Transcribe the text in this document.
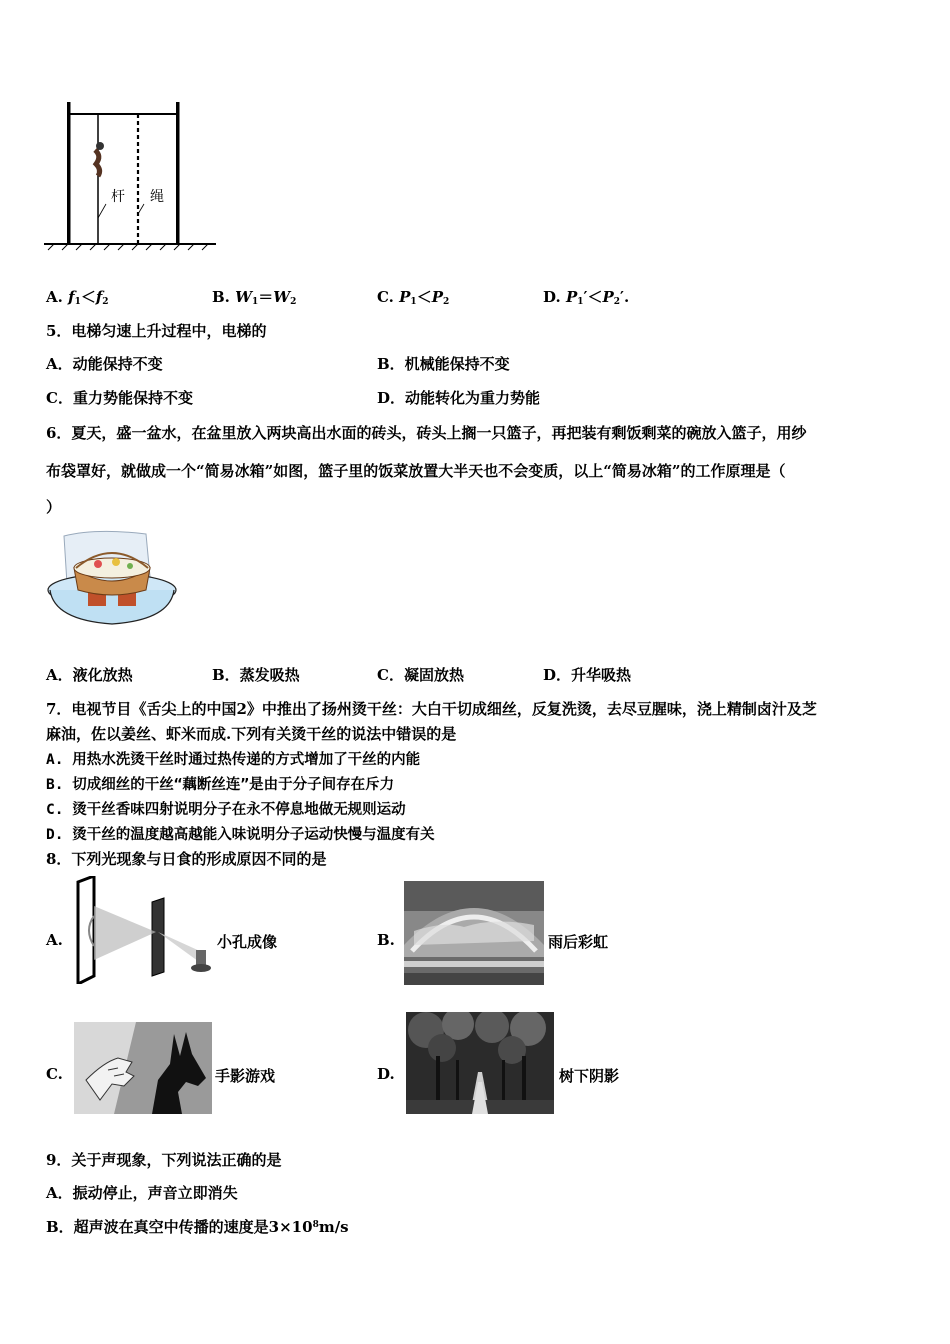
杆 绳
A. $f_1<f_2$	B. $W_1=W_2$	C. $P_1<P_2$	D. $P_1'<P_2'$.
5．电梯匀速上升过程中，电梯的
A．动能保持不变	B．机械能保持不变
C．重力势能保持不变	D．动能转化为重力势能
6．夏天，盛一盆水，在盆里放入两块高出水面的砖头，砖头上搁一只篮子，再把装有剩饭剩菜的碗放入篮子，用纱
布袋罩好，就做成一个“简易冰箱”如图，篮子里的饭菜放置大半天也不会变质，以上“简易冰箱”的工作原理是（
）
A．液化放热	B．蒸发吸热	C．凝固放热	D．升华吸热
7．电视节目《舌尖上的中国2》中推出了扬州烫干丝：大白干切成细丝，反复洗烫，去尽豆腥味，浇上精制卤汁及芝
麻油，佐以姜丝、虾米而成.下列有关烫干丝的说法中错误的是
A. 用热水洗烫干丝时通过热传递的方式增加了干丝的内能
B. 切成细丝的干丝“藕断丝连”是由于分子间存在斥力
C. 烫干丝香味四射说明分子在永不停息地做无规则运动
D. 烫干丝的温度越高越能入味说明分子运动快慢与温度有关
8．下列光现象与日食的形成原因不同的是
A.	小孔成像	B.	雨后彩虹
C.	手影游戏	D.	树下阴影
9．关于声现象，下列说法正确的是
A．振动停止，声音立即消失
B．超声波在真空中传播的速度是$3\times 10^8m/s$
